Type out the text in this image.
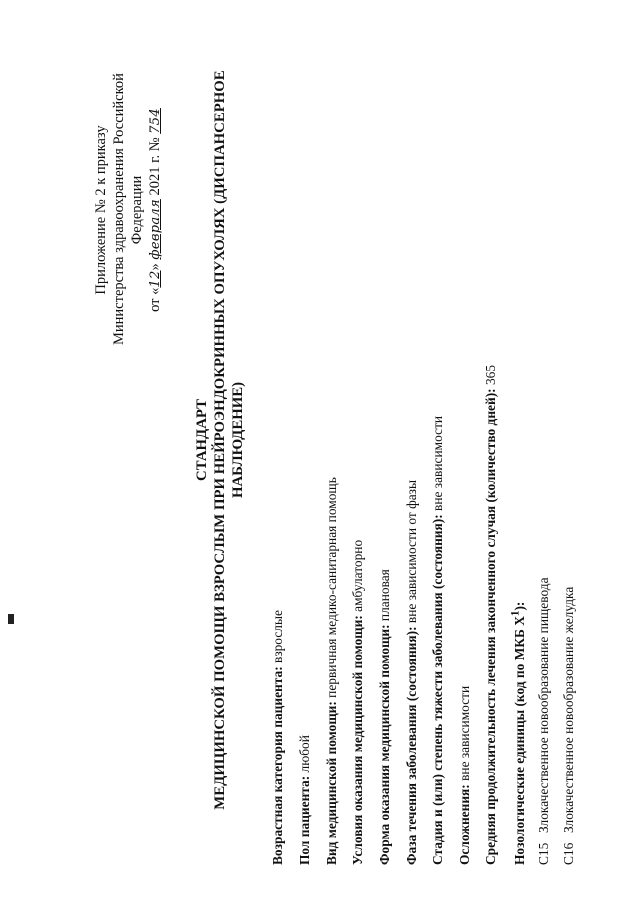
Приложение № 2 к приказу Министерства здравоохранения Российской Федерации
от «12» февраля 2021 г. № 754
СТАНДАРТ МЕДИЦИНСКОЙ ПОМОЩИ ВЗРОСЛЫМ ПРИ НЕЙРОЭНДОКРИННЫХ ОПУХОЛЯХ (ДИСПАНСЕРНОЕ НАБЛЮДЕНИЕ)
Возрастная категория пациента: взрослые
Пол пациента: любой Вид медицинской помощи: первичная медико-санитарная помощь
Условия оказания медицинской помощи: амбулаторно
Форма оказания медицинской помощи: плановая
Фаза течения заболевания (состояния): вне зависимости от фазы Стадия и (или) степень тяжести заболевания (состояния): вне зависимости
Осложнения: вне зависимости Средняя продолжительность лечения законченного случая (количество дней): 365
Нозологические единицы (код по МКБ $X^1$):
C15Злокачественное новообразование пищевода
C16Злокачественное новообразование желудка
